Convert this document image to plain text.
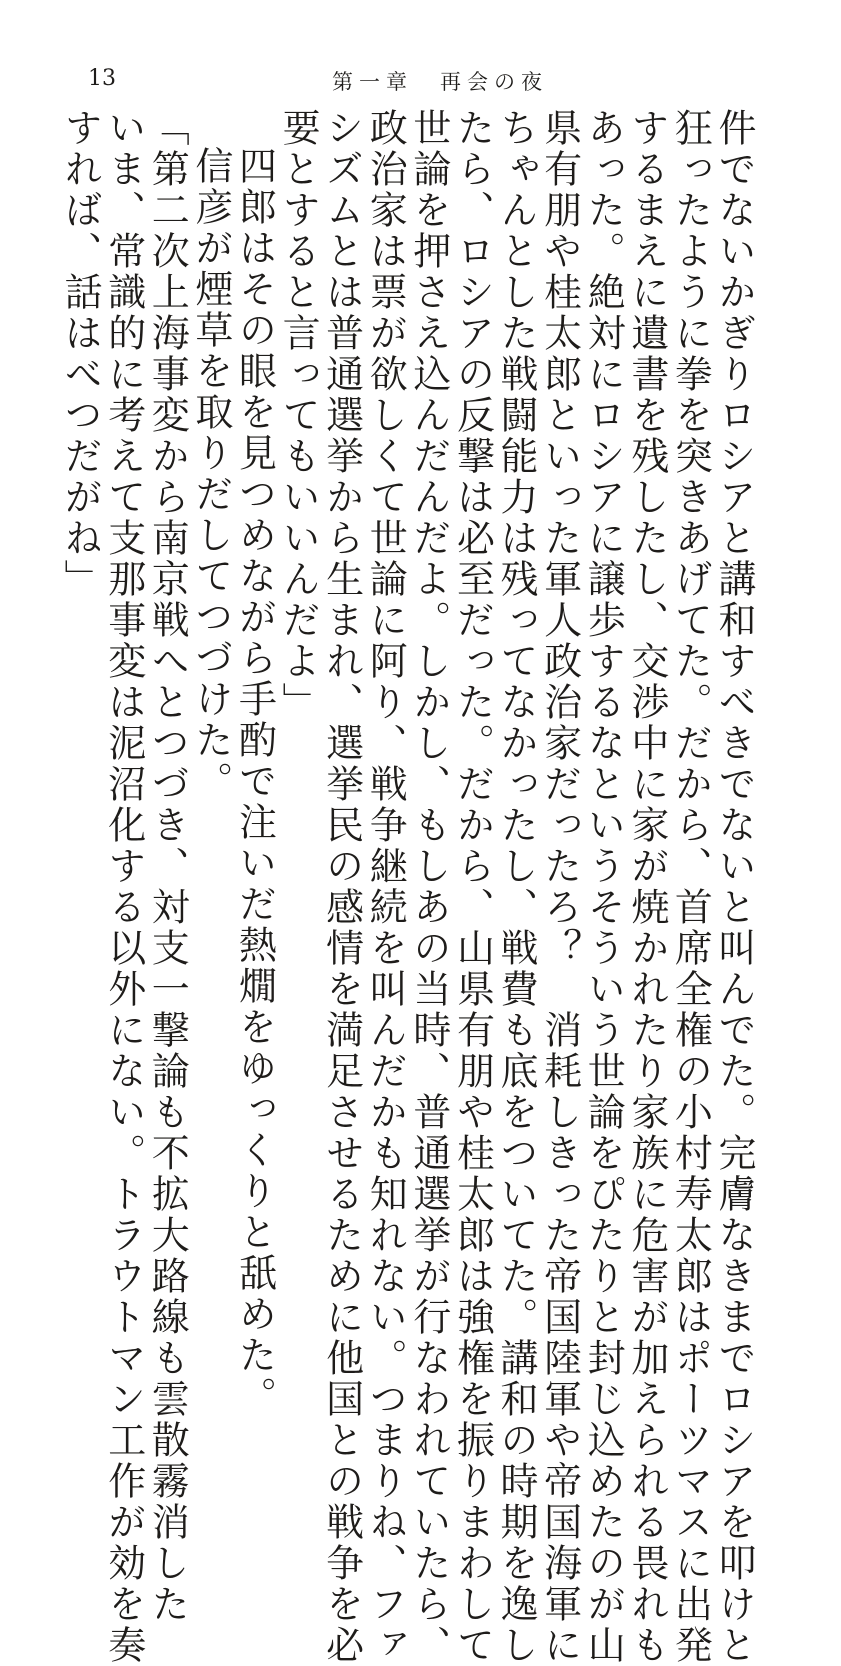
13	第一章　再会の夜

件でないかぎりロシアと講和すべきでないと叫んでた。完膚なきまでロシアを叩けと

狂ったように拳を突きあげてた。だから、首席全権の小村寿太郎はポーツマスに出発

するまえに遺書を残したし、交渉中に家が焼かれたり家族に危害が加えられる畏れも

あった。絶対にロシアに譲歩するなというそういう世論をぴたりと封じ込めたのが山

県有朋や桂太郎といった軍人政治家だったろ？　消耗しきった帝国陸軍や帝国海軍に

ちゃんとした戦闘能力は残ってなかったし、戦費も底をついてた。講和の時期を逸し

たら、ロシアの反撃は必至だった。だから、山県有朋や桂太郎は強権を振りまわして

世論を押さえ込んだんだよ。しかし、もしあの当時、普通選挙が行なわれていたら、

政治家は票が欲しくて世論に阿り、戦争継続を叫んだかも知れない。つまりね、ファ

シズムとは普通選挙から生まれ、選挙民の感情を満足させるために他国との戦争を必

要とすると言ってもいいんだよ」

四郎はその眼を見つめながら手酌で注いだ熱燗をゆっくりと舐めた。

信彦が煙草を取りだしてつづけた。

「第二次上海事変から南京戦へとつづき、対支一撃論も不拡大路線も雲散霧消した

いま、常識的に考えて支那事変は泥沼化する以外にない。トラウトマン工作が効を奏

すれば、話はべつだがね」
